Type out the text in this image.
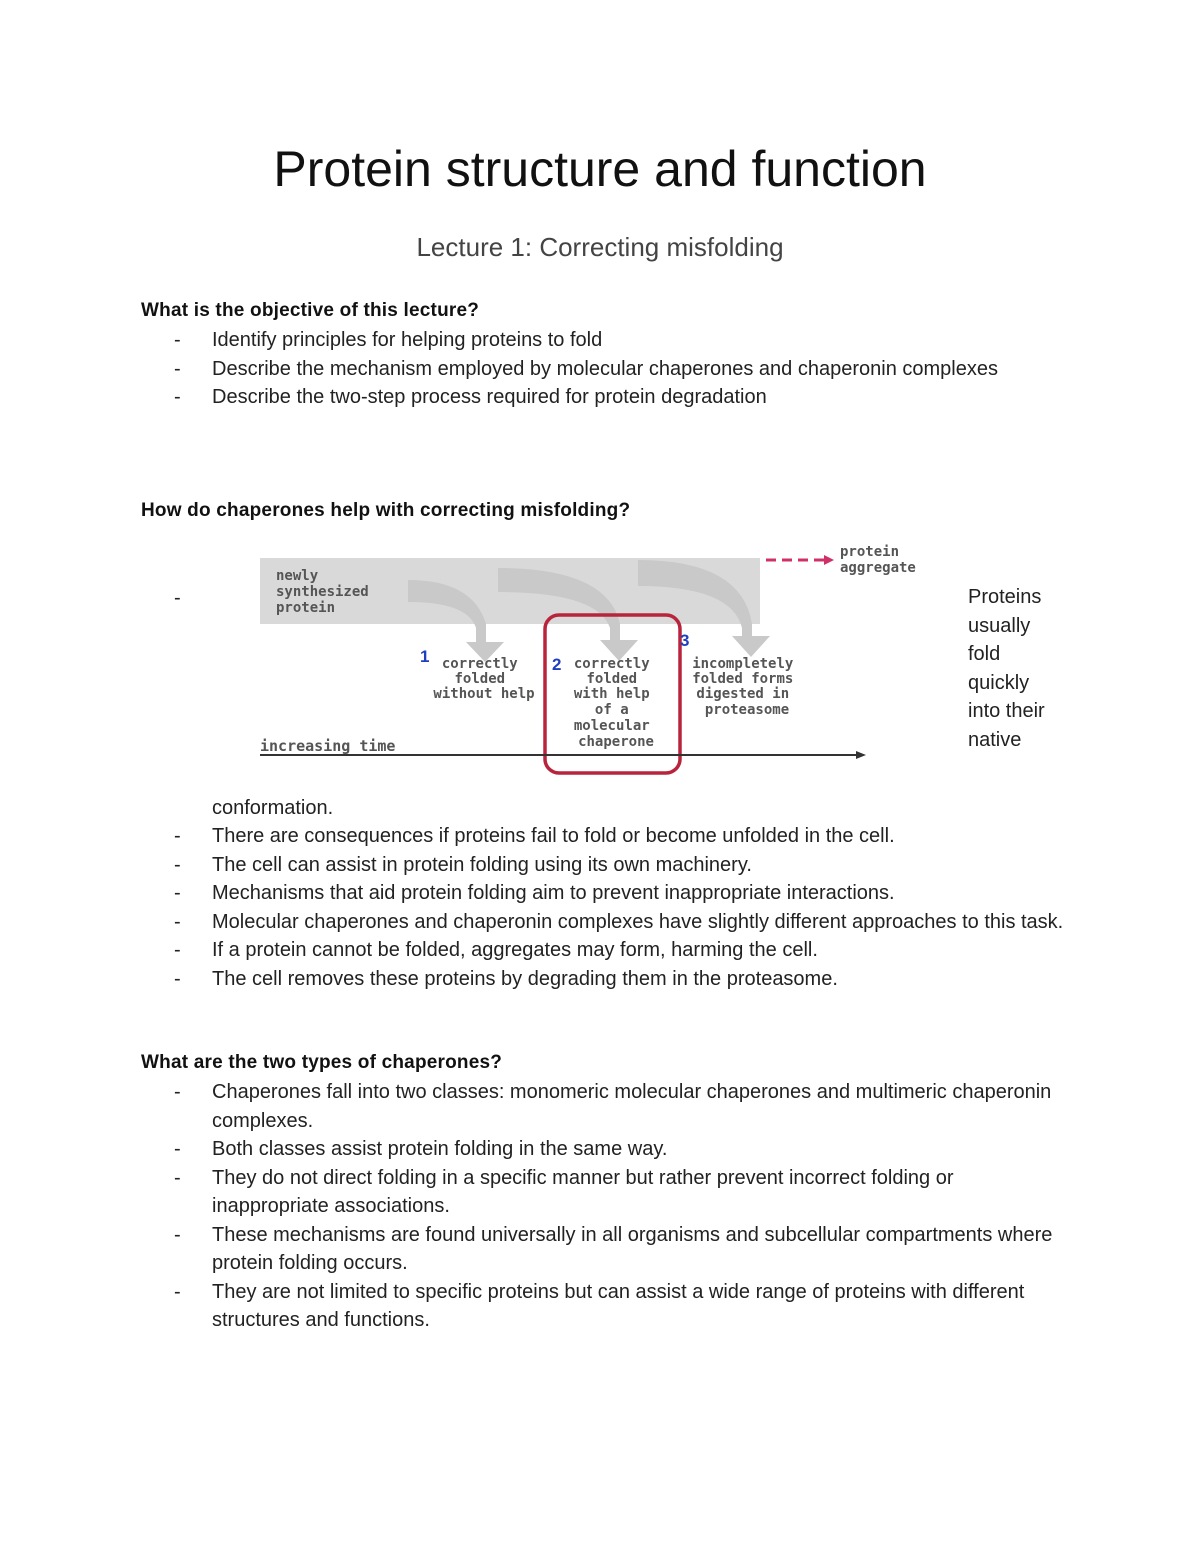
Protein structure and function
Lecture 1: Correcting misfolding
What is the objective of this lecture?
- Identify principles for helping proteins to fold
- Describe the mechanism employed by molecular chaperones and chaperonin complexes
- Describe the two-step process required for protein degradation
How do chaperones help with correcting misfolding?
-
protein aggregate
newly synthesized protein
1 correctly folded without help
2 correctly folded with help of a molecular chaperone
3
incompletely folded forms digested in proteasome
increasing time
Proteins
usually
fold
quickly
into their
native
conformation.
- There are consequences if proteins fail to fold or become unfolded in the cell.
- The cell can assist in protein folding using its own machinery.
- Mechanisms that aid protein folding aim to prevent inappropriate interactions.
- Molecular chaperones and chaperonin complexes have slightly different approaches to this task.
- If a protein cannot be folded, aggregates may form, harming the cell.
- The cell removes these proteins by degrading them in the proteasome.
What are the two types of chaperones?
- Chaperones fall into two classes: monomeric molecular chaperones and multimeric chaperonin complexes.
- Both classes assist protein folding in the same way.
- They do not direct folding in a specific manner but rather prevent incorrect folding or inappropriate associations.
- These mechanisms are found universally in all organisms and subcellular compartments where protein folding occurs.
- They are not limited to specific proteins but can assist a wide range of proteins with different structures and functions.
